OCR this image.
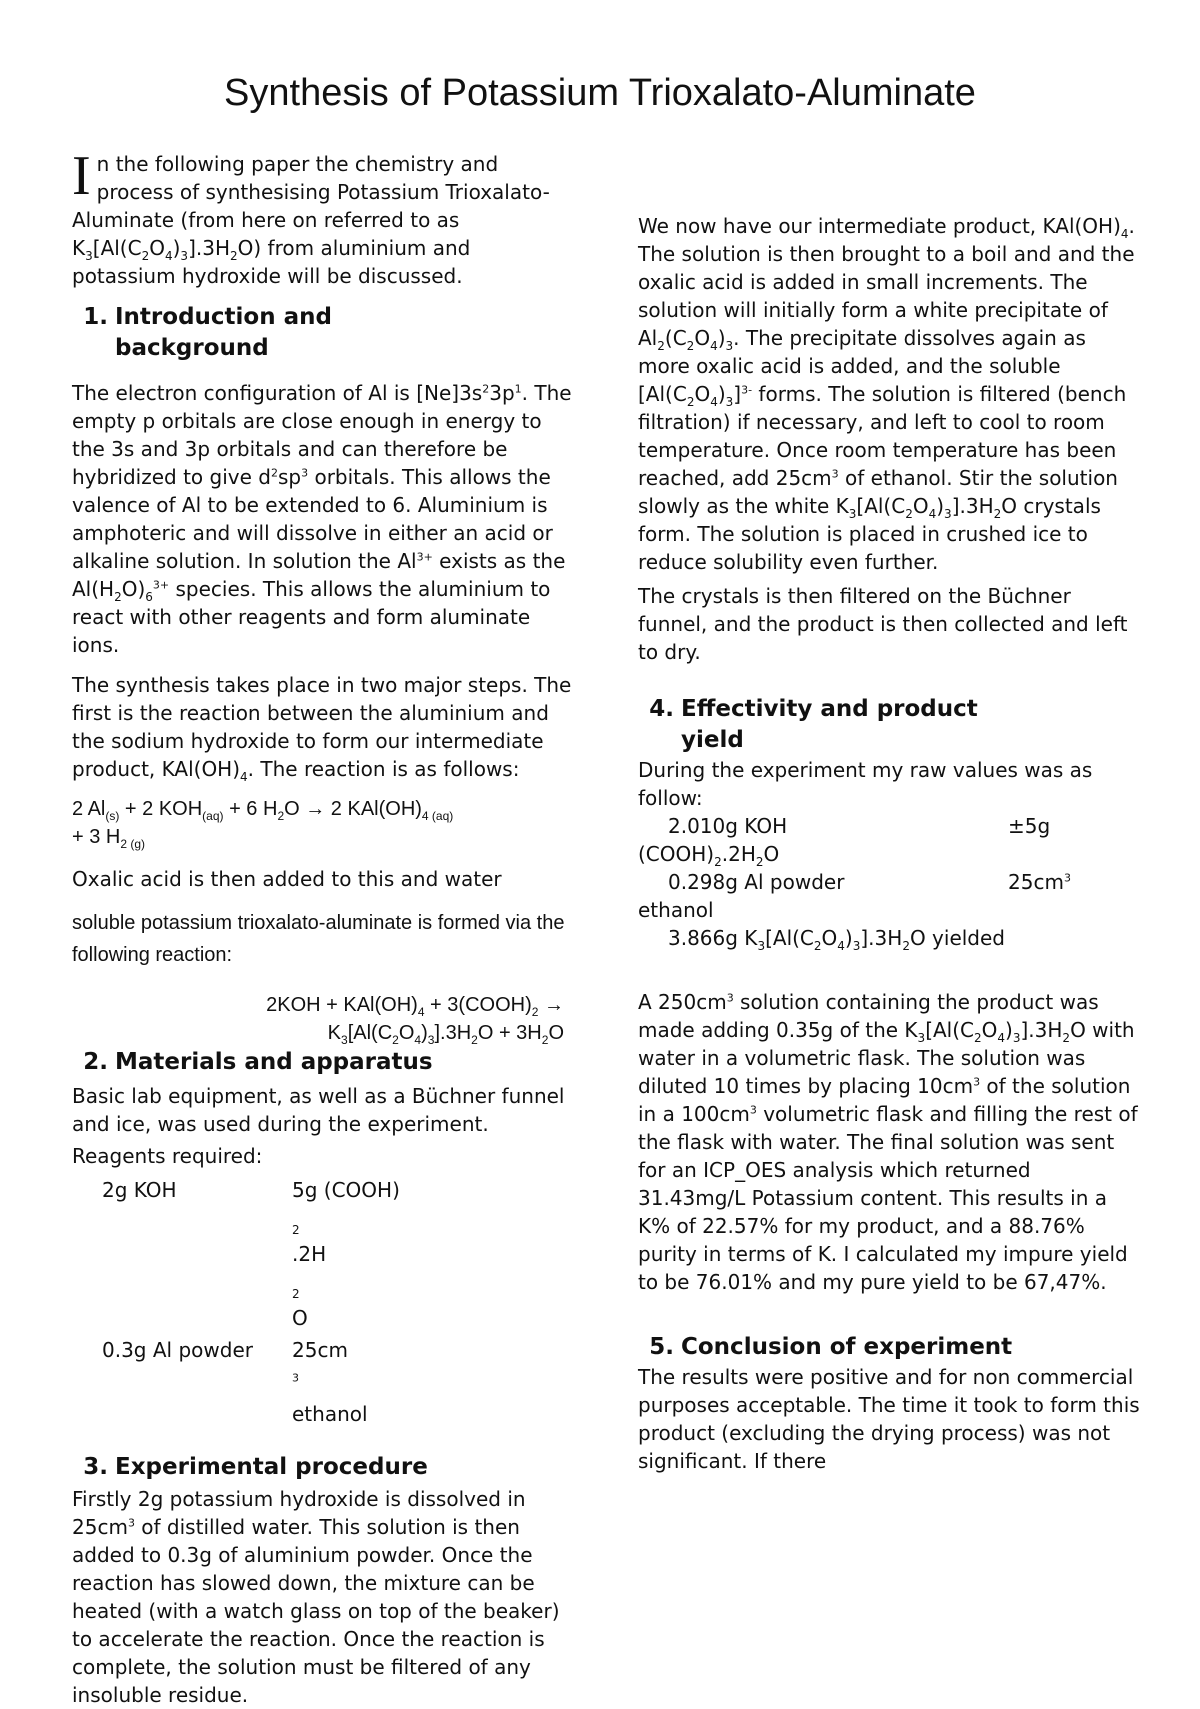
Synthesis of Potassium Trioxalato-Aluminate

In the following paper the chemistry and process of synthesising Potassium Trioxalato-Aluminate (from here on referred to as $K_3[Al(C_2O_4)_3].3H_2O$) from aluminium and potassium hydroxide will be discussed.

1. Introduction and
background

The electron configuration of Al is $[Ne]3s^23p^1$. The empty p orbitals are close enough in energy to the 3s and 3p orbitals and can therefore be hybridized to give $d^2sp^3$ orbitals. This allows the valence of Al to be extended to 6. Aluminium is amphoteric and will dissolve in either an acid or alkaline solution. In solution the $Al^{3+}$ exists as the $Al(H_2O)_6^{3+}$ species. This allows the aluminium to react with other reagents and form aluminate ions.

The synthesis takes place in two major steps. The first is the reaction between the aluminium and the sodium hydroxide to form our intermediate product, $KAl(OH)_4$. The reaction is as follows:

2 $Al_{(s)} + 2$ $KOH_{(aq)} + 6$ $H_2O \to 2$ $KAl(OH)_{4 (aq)}$
+ 3 $H_{2 (g)}$

Oxalic acid is then added to this and water

soluble potassium trioxalato-aluminate is formed via the following reaction:

$2KOH + KAl(OH)_4$ + $3(COOH)_2$ →
$K_3[Al(C_2O_4)_3].3H_2O + 3H_2O$

2. Materials and apparatus

Basic lab equipment, as well as a Büchner funnel and ice, was used during the experiment.

Reagents required:

2g KOH	5g (COOH)
$_2$
.2H
$_2$
O
0.3g Al powder	25cm
$^3$
ethanol
3. Experimental procedure

Firstly 2g potassium hydroxide is dissolved in $25cm^3$ of distilled water. This solution is then added to 0.3g of aluminium powder. Once the reaction has slowed down, the mixture can be heated (with a watch glass on top of the beaker) to accelerate the reaction. Once the reaction is complete, the solution must be filtered of any insoluble residue.

We now have our intermediate product, $KAl(OH)_4$. The solution is then brought to a boil and and the oxalic acid is added in small increments. The solution will initially form a white precipitate of $Al_2(C_2O_4)_3$. The precipitate dissolves again as more oxalic acid is added, and the soluble $[Al(C_2O_4)_3]^{3-}$ forms. The solution is filtered (bench filtration) if necessary, and left to cool to room temperature. Once room temperature has been reached, add $25cm^3$ of ethanol. Stir the solution slowly as the white $K_3[Al(C_2O_4)_3].3H_2O$ crystals form. The solution is placed in crushed ice to reduce solubility even further.

The crystals is then filtered on the Büchner funnel, and the product is then collected and left to dry.

4. Effectivity and product
yield

During the experiment my raw values was as follow:

2.010g KOH	±5g
$(COOH)_2.2H_2O$
0.298g Al powder	$25cm^3$
ethanol
3.866g $K_3[Al(C_2O_4)_3].3H_2O$ yielded

A $250cm^3$ solution containing the product was made adding 0.35g of the $K_3[Al(C_2O_4)_3].3H_2O$ with water in a volumetric flask. The solution was diluted 10 times by placing $10cm^3$ of the solution in a $100cm^3$ volumetric flask and filling the rest of the flask with water. The final solution was sent for an ICP_OES analysis which returned 31.43mg/L Potassium content. This results in a K% of 22.57% for my product, and a 88.76% purity in terms of K. I calculated my impure yield to be 76.01% and my pure yield to be 67,47%.

5. Conclusion of experiment

The results were positive and for non commercial purposes acceptable. The time it took to form this product (excluding the drying process) was not significant. If there
